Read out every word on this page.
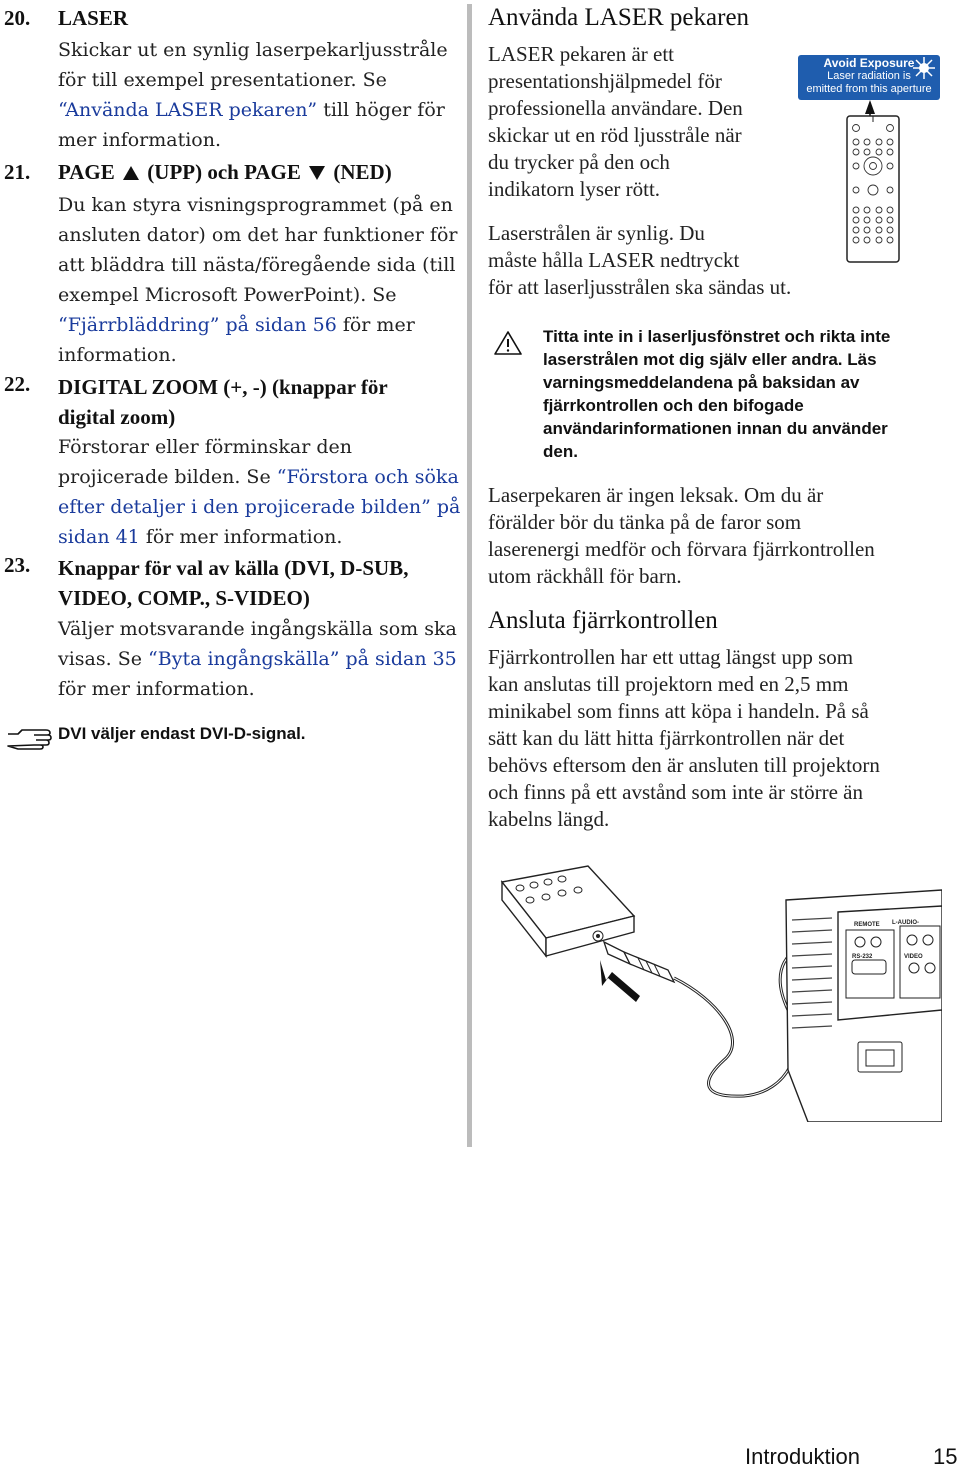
20. LASER
Skickar ut en synlig laserpekarljusstråle
för till exempel presentationer. Se
“Använda LASER pekaren” till höger för
mer information.
21. PAGE (UPP) och PAGE (NED)
Du kan styra visningsprogrammet (på en
ansluten dator) om det har funktioner för
att bläddra till nästa/föregående sida (till
exempel Microsoft PowerPoint). Se
“Fjärrbläddring” på sidan 56 för mer
information.
22. DIGITAL ZOOM (+, -) (knappar för
digital zoom)
Förstorar eller förminskar den
projicerade bilden. Se “Förstora och söka
efter detaljer i den projicerade bilden” på
sidan 41 för mer information.
23. Knappar för val av källa (DVI, D-SUB,
VIDEO, COMP., S-VIDEO)
Väljer motsvarande ingångskälla som ska
visas. Se “Byta ingångskälla” på sidan 35
för mer information.
DVI väljer endast DVI-D-signal.
Använda LASER pekaren
LASER pekaren är ett
presentationshjälpmedel för
professionella användare. Den
skickar ut en röd ljusstråle när
du trycker på den och
indikatorn lyser rött.
Laserstrålen är synlig. Du
måste hålla LASER nedtryckt
för att laserljusstrålen ska sändas ut.
Avoid Exposure
Laser radiation is
emitted from this aperture
Titta inte in i laserljusfönstret och rikta inte
laserstrålen mot dig själv eller andra. Läs
varningsmeddelandena på baksidan av
fjärrkontrollen och den bifogade
användarinformationen innan du använder
den.
Laserpekaren är ingen leksak. Om du är
förälder bör du tänka på de faror som
laserenergi medför och förvara fjärrkontrollen
utom räckhåll för barn.
Ansluta fjärrkontrollen
Fjärrkontrollen har ett uttag längst upp som
kan anslutas till projektorn med en 2,5 mm
minikabel som finns att köpa i handeln. På så
sätt kan du lätt hitta fjärrkontrollen när det
behövs eftersom den är ansluten till projektorn
och finns på ett avstånd som inte är större än
kabelns längd.
REMOTE L-AUDIO-
RS-232	VIDEO
Introduktion	15
